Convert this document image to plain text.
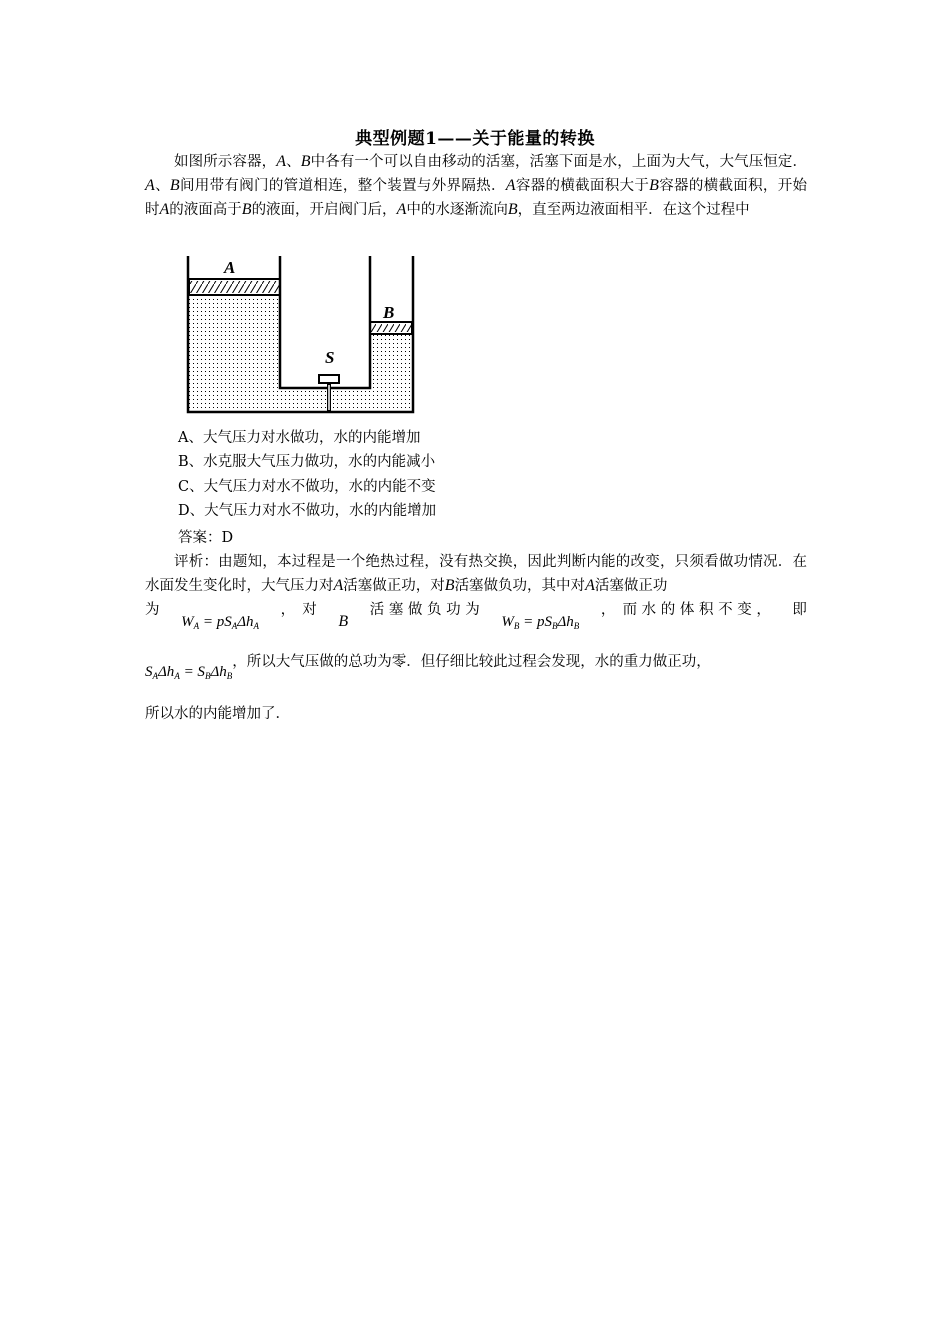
典型例题1——关于能量的转换
如图所示容器，A、B中各有一个可以自由移动的活塞，活塞下面是水，上面为大气，大气压恒定．A、B间用带有阀门的管道相连，整个装置与外界隔热．A容器的横截面积大于B容器的横截面积，开始时A的液面高于B的液面，开启阀门后，A中的水逐渐流向B，直至两边液面相平．在这个过程中
A
B
S
A、大气压力对水做功，水的内能增加
B、水克服大气压力做功，水的内能减小
C、大气压力对水不做功，水的内能不变
D、大气压力对水不做功，水的内能增加
答案：D
评析：由题知，本过程是一个绝热过程，没有热交换，因此判断内能的改变，只须看做功情况．在水面发生变化时，大气压力对A活塞做正功，对B活塞做负功，其中对A活塞做正功
为
$W_A = pS_A\Delta h_A$
，　对
B
活 塞 做 负 功 为
$W_B = pS_B\Delta h_B$
，　而 水 的 体 积 不 变 ， 即
$S_A\Delta h_A = S_B\Delta h_B$，所以大气压做的总功为零．但仔细比较此过程会发现，水的重力做正功，
所以水的内能增加了．
